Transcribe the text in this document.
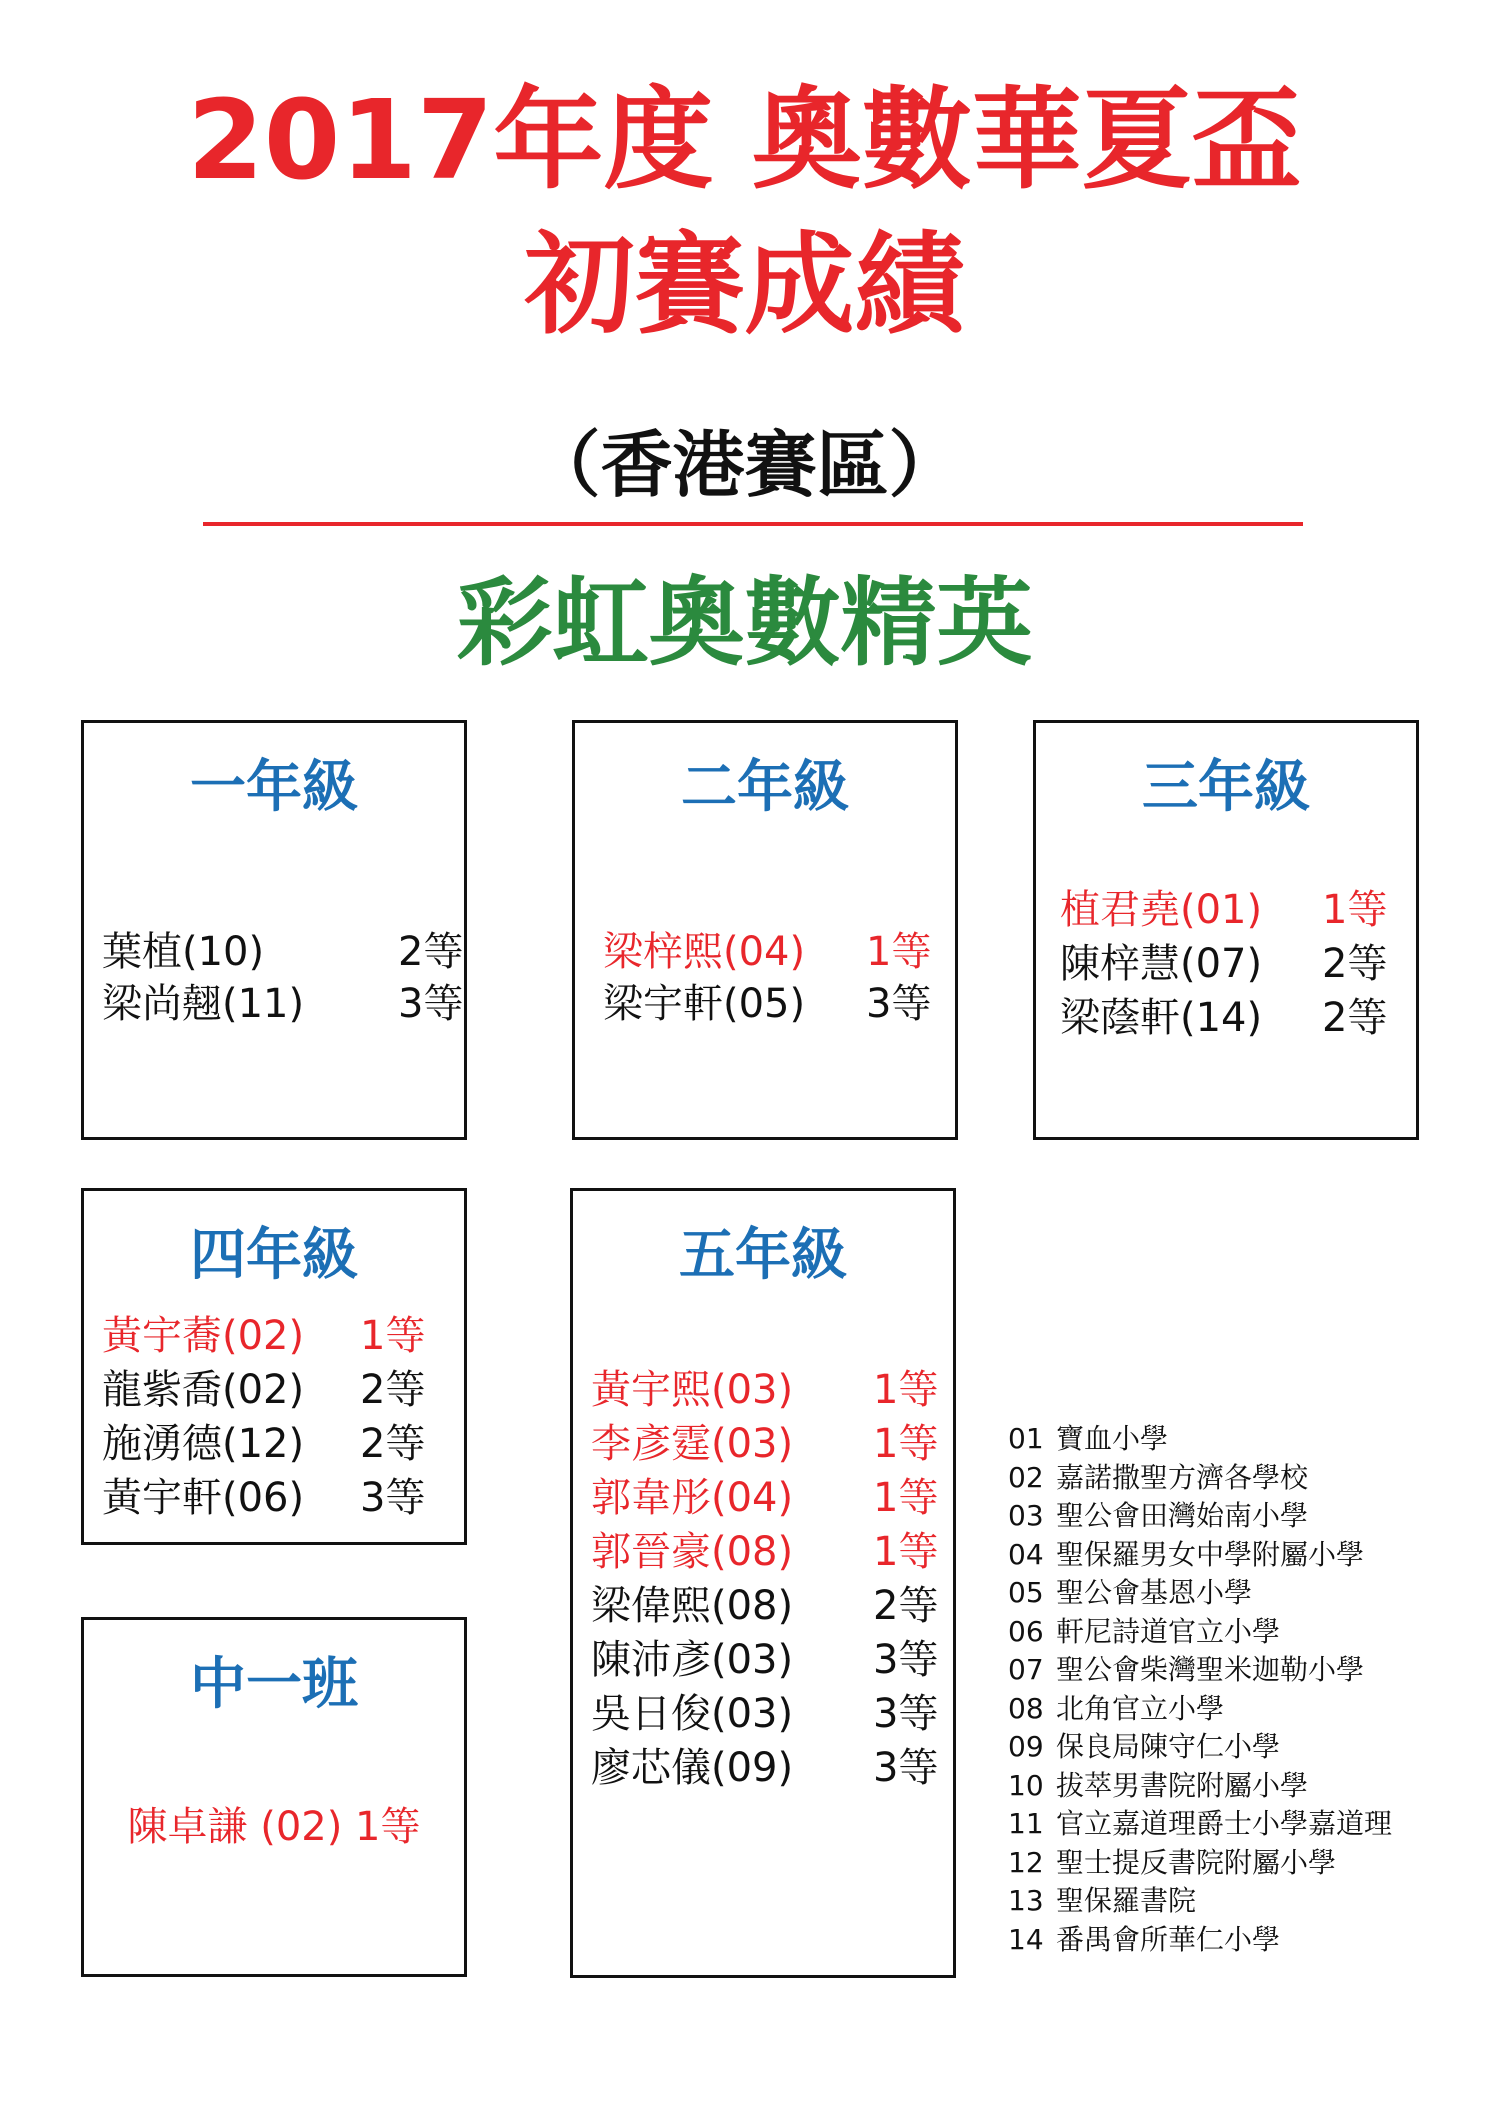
2017年度 奧數華夏盃
初賽成績
（香港賽區）
彩虹奧數精英
一年級
葉植(10)	2等
梁尚翹(11) 3等
二年級
梁梓熙(04) 1等
梁宇軒(05) 3等
三年級
植君堯(01) 1等
陳梓慧(07) 2等
梁蔭軒(14) 2等
四年級
黃宇蕎(02) 1等
龍紫喬(02) 2等
施湧德(12) 2等
黃宇軒(06) 3等
五年級
黃宇熙(03) 1等
李彥霆(03) 1等
郭韋彤(04) 1等
郭晉豪(08) 1等
梁偉熙(08) 2等
陳沛彥(03) 3等
吳日俊(03) 3等
廖芯儀(09) 3等
中一班
陳卓謙 (02) 1等
01 寶血小學
02 嘉諾撒聖方濟各學校
03 聖公會田灣始南小學
04 聖保羅男女中學附屬小學
05 聖公會基恩小學
06 軒尼詩道官立小學
07 聖公會柴灣聖米迦勒小學
08 北角官立小學
09 保良局陳守仁小學
10 拔萃男書院附屬小學
11 官立嘉道理爵士小學嘉道理
12 聖士提反書院附屬小學
13 聖保羅書院
14 番禺會所華仁小學
